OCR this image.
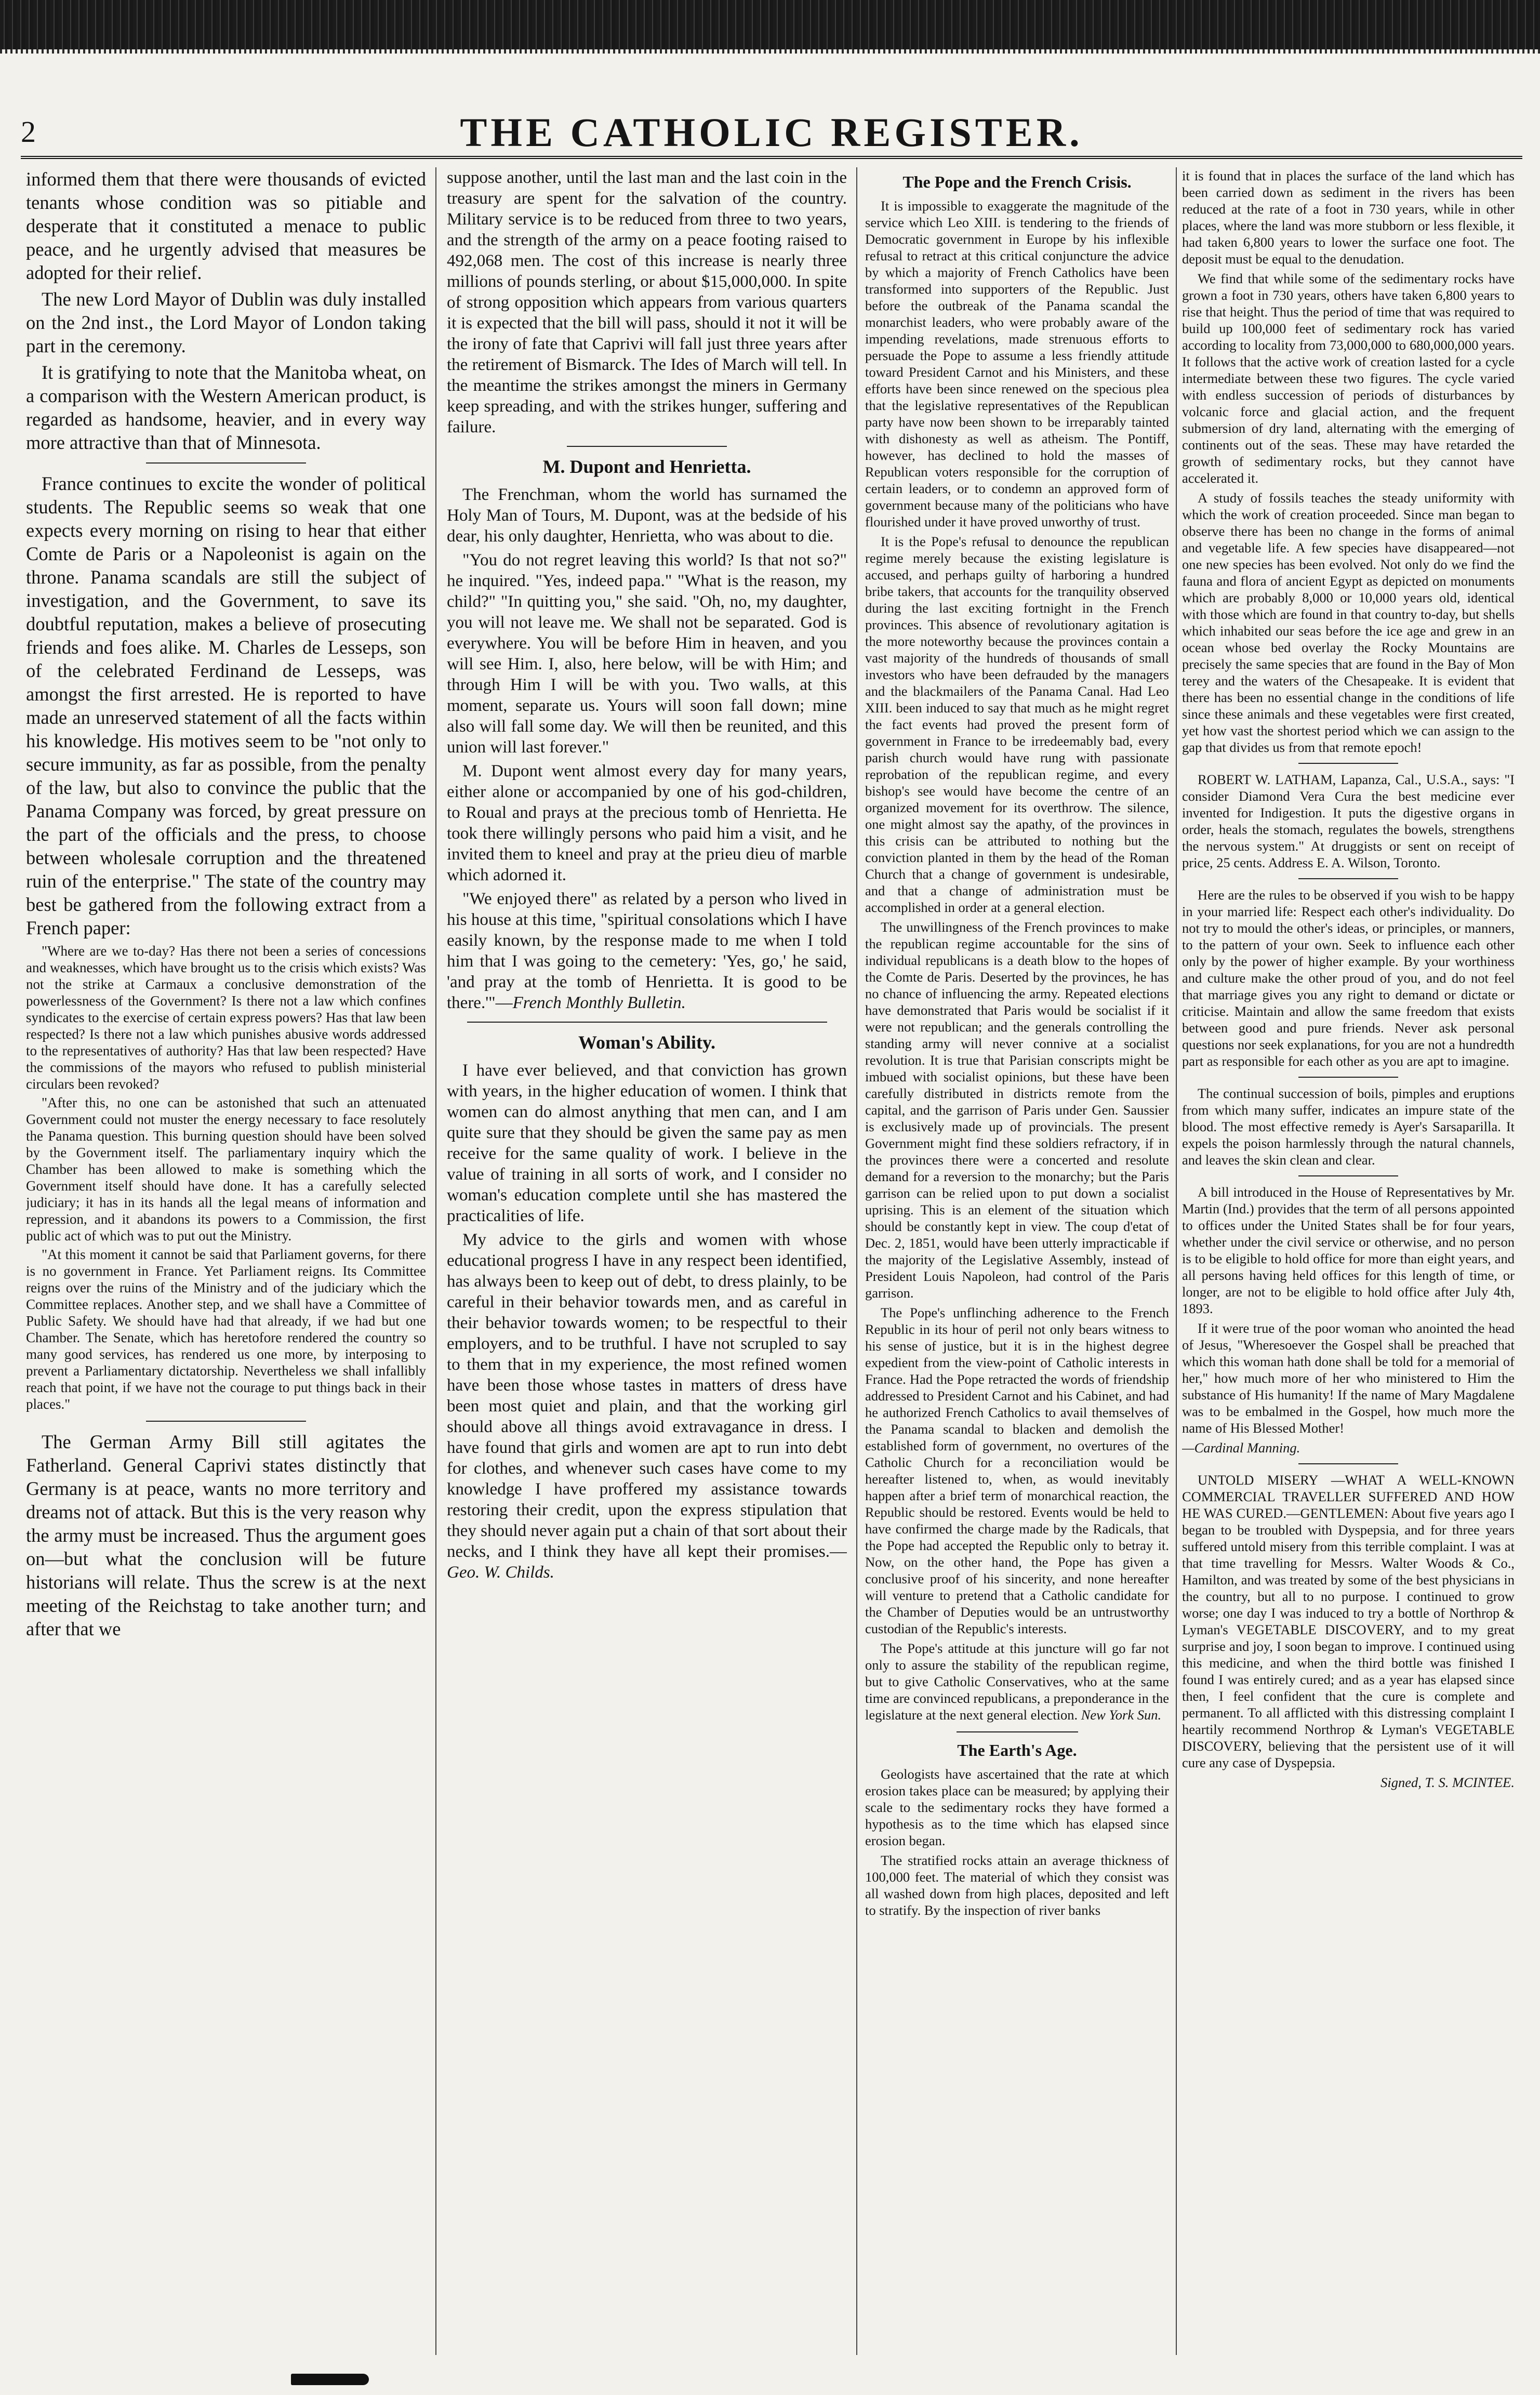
2	THE CATHOLIC REGISTER.

informed them that there were thousands of evicted tenants whose condition was so pitiable and desperate that it constituted a menace to public peace, and he urgently advised that measures be adopted for their relief.

The new Lord Mayor of Dublin was duly installed on the 2nd inst., the Lord Mayor of London taking part in the ceremony.

It is gratifying to note that the Manitoba wheat, on a comparison with the Western American product, is regarded as handsome, heavier, and in every way more attractive than that of Minnesota.

France continues to excite the wonder of political students. The Republic seems so weak that one expects every morning on rising to hear that either Comte de Paris or a Napoleonist is again on the throne. Panama scandals are still the subject of investigation, and the Government, to save its doubtful reputation, makes a believe of prosecuting friends and foes alike. M. Charles de Lesseps, son of the celebrated Ferdinand de Lesseps, was amongst the first arrested. He is reported to have made an unreserved statement of all the facts within his knowledge. His motives seem to be "not only to secure immunity, as far as possible, from the penalty of the law, but also to convince the public that the Panama Company was forced, by great pressure on the part of the officials and the press, to choose between wholesale corruption and the threatened ruin of the enterprise." The state of the country may best be gathered from the following extract from a French paper:

"Where are we to-day? Has there not been a series of concessions and weaknesses, which have brought us to the crisis which exists? Was not the strike at Carmaux a conclusive demonstration of the powerlessness of the Government? Is there not a law which confines syndicates to the exercise of certain express powers? Has that law been respected? Is there not a law which punishes abusive words addressed to the representatives of authority? Has that law been respected? Have the commissions of the mayors who refused to publish ministerial circulars been revoked?

"After this, no one can be astonished that such an attenuated Government could not muster the energy necessary to face resolutely the Panama question. This burning question should have been solved by the Government itself. The parliamentary inquiry which the Chamber has been allowed to make is something which the Government itself should have done. It has a carefully selected judiciary; it has in its hands all the legal means of information and repression, and it abandons its powers to a Commission, the first public act of which was to put out the Ministry.

"At this moment it cannot be said that Parliament governs, for there is no government in France. Yet Parliament reigns. Its Committee reigns over the ruins of the Ministry and of the judiciary which the Committee replaces. Another step, and we shall have a Committee of Public Safety. We should have had that already, if we had but one Chamber. The Senate, which has heretofore rendered the country so many good services, has rendered us one more, by interposing to prevent a Parliamentary dictatorship. Nevertheless we shall infallibly reach that point, if we have not the courage to put things back in their places."

The German Army Bill still agitates the Fatherland. General Caprivi states distinctly that Germany is at peace, wants no more territory and dreams not of attack. But this is the very reason why the army must be increased. Thus the argument goes on—but what the conclusion will be future historians will relate. Thus the screw is at the next meeting of the Reichstag to take another turn; and after that we

suppose another, until the last man and the last coin in the treasury are spent for the salvation of the country. Military service is to be reduced from three to two years, and the strength of the army on a peace footing raised to 492,068 men. The cost of this increase is nearly three millions of pounds sterling, or about $15,000,000. In spite of strong opposition which appears from various quarters it is expected that the bill will pass, should it not it will be the irony of fate that Caprivi will fall just three years after the retirement of Bismarck. The Ides of March will tell. In the meantime the strikes amongst the miners in Germany keep spreading, and with the strikes hunger, suffering and failure.

M. Dupont and Henrietta.

The Frenchman, whom the world has surnamed the Holy Man of Tours, M. Dupont, was at the bedside of his dear, his only daughter, Henrietta, who was about to die.

"You do not regret leaving this world? Is that not so?" he inquired. "Yes, indeed papa." "What is the reason, my child?" "In quitting you," she said. "Oh, no, my daughter, you will not leave me. We shall not be separated. God is everywhere. You will be before Him in heaven, and you will see Him. I, also, here below, will be with Him; and through Him I will be with you. Two walls, at this moment, separate us. Yours will soon fall down; mine also will fall some day. We will then be reunited, and this union will last forever."

M. Dupont went almost every day for many years, either alone or accompanied by one of his god-children, to Roual and prays at the precious tomb of Henrietta. He took there willingly persons who paid him a visit, and he invited them to kneel and pray at the prieu dieu of marble which adorned it.

"We enjoyed there" as related by a person who lived in his house at this time, "spiritual consolations which I have easily known, by the response made to me when I told him that I was going to the cemetery: 'Yes, go,' he said, 'and pray at the tomb of Henrietta. It is good to be there.'"—French Monthly Bulletin.

Woman's Ability.

I have ever believed, and that conviction has grown with years, in the higher education of women. I think that women can do almost anything that men can, and I am quite sure that they should be given the same pay as men receive for the same quality of work. I believe in the value of training in all sorts of work, and I consider no woman's education complete until she has mastered the practicalities of life.

My advice to the girls and women with whose educational progress I have in any respect been identified, has always been to keep out of debt, to dress plainly, to be careful in their behavior towards men, and as careful in their behavior towards women; to be respectful to their employers, and to be truthful. I have not scrupled to say to them that in my experience, the most refined women have been those whose tastes in matters of dress have been most quiet and plain, and that the working girl should above all things avoid extravagance in dress. I have found that girls and women are apt to run into debt for clothes, and whenever such cases have come to my knowledge I have proffered my assistance towards restoring their credit, upon the express stipulation that they should never again put a chain of that sort about their necks, and I think they have all kept their promises.—Geo. W. Childs.

The Pope and the French Crisis.

It is impossible to exaggerate the magnitude of the service which Leo XIII. is tendering to the friends of Democratic government in Europe by his inflexible refusal to retract at this critical conjuncture the advice by which a majority of French Catholics have been transformed into supporters of the Republic. Just before the outbreak of the Panama scandal the monarchist leaders, who were probably aware of the impending revelations, made strenuous efforts to persuade the Pope to assume a less friendly attitude toward President Carnot and his Ministers, and these efforts have been since renewed on the specious plea that the legislative representatives of the Republican party have now been shown to be irreparably tainted with dishonesty as well as atheism. The Pontiff, however, has declined to hold the masses of Republican voters responsible for the corruption of certain leaders, or to condemn an approved form of government because many of the politicians who have flourished under it have proved unworthy of trust.

It is the Pope's refusal to denounce the republican regime merely because the existing legislature is accused, and perhaps guilty of harboring a hundred bribe takers, that accounts for the tranquility observed during the last exciting fortnight in the French provinces. This absence of revolutionary agitation is the more noteworthy because the provinces contain a vast majority of the hundreds of thousands of small investors who have been defrauded by the managers and the blackmailers of the Panama Canal. Had Leo XIII. been induced to say that much as he might regret the fact events had proved the present form of government in France to be irredeemably bad, every parish church would have rung with passionate reprobation of the republican regime, and every bishop's see would have become the centre of an organized movement for its overthrow. The silence, one might almost say the apathy, of the provinces in this crisis can be attributed to nothing but the conviction planted in them by the head of the Roman Church that a change of government is undesirable, and that a change of administration must be accomplished in order at a general election.

The unwillingness of the French provinces to make the republican regime accountable for the sins of individual republicans is a death blow to the hopes of the Comte de Paris. Deserted by the provinces, he has no chance of influencing the army. Repeated elections have demonstrated that Paris would be socialist if it were not republican; and the generals controlling the standing army will never connive at a socialist revolution. It is true that Parisian conscripts might be imbued with socialist opinions, but these have been carefully distributed in districts remote from the capital, and the garrison of Paris under Gen. Saussier is exclusively made up of provincials. The present Government might find these soldiers refractory, if in the provinces there were a concerted and resolute demand for a reversion to the monarchy; but the Paris garrison can be relied upon to put down a socialist uprising. This is an element of the situation which should be constantly kept in view. The coup d'etat of Dec. 2, 1851, would have been utterly impracticable if the majority of the Legislative Assembly, instead of President Louis Napoleon, had control of the Paris garrison.

The Pope's unflinching adherence to the French Republic in its hour of peril not only bears witness to his sense of justice, but it is in the highest degree expedient from the view-point of Catholic interests in France. Had the Pope retracted the words of friendship addressed to President Carnot and his Cabinet, and had he authorized French Catholics to avail themselves of the Panama scandal to blacken and demolish the established form of government, no overtures of the Catholic Church for a reconciliation would be hereafter listened to, when, as would inevitably happen after a brief term of monarchical reaction, the Republic should be restored. Events would be held to have confirmed the charge made by the Radicals, that the Pope had accepted the Republic only to betray it. Now, on the other hand, the Pope has given a conclusive proof of his sincerity, and none hereafter will venture to pretend that a Catholic candidate for the Chamber of Deputies would be an untrustworthy custodian of the Republic's interests.

The Pope's attitude at this juncture will go far not only to assure the stability of the republican regime, but to give Catholic Conservatives, who at the same time are convinced republicans, a preponderance in the legislature at the next general election. New York Sun.

The Earth's Age.

Geologists have ascertained that the rate at which erosion takes place can be measured; by applying their scale to the sedimentary rocks they have formed a hypothesis as to the time which has elapsed since erosion began.

The stratified rocks attain an average thickness of 100,000 feet. The material of which they consist was all washed down from high places, deposited and left to stratify. By the inspection of river banks

it is found that in places the surface of the land which has been carried down as sediment in the rivers has been reduced at the rate of a foot in 730 years, while in other places, where the land was more stubborn or less flexible, it had taken 6,800 years to lower the surface one foot. The deposit must be equal to the denudation.

We find that while some of the sedimentary rocks have grown a foot in 730 years, others have taken 6,800 years to rise that height. Thus the period of time that was required to build up 100,000 feet of sedimentary rock has varied according to locality from 73,000,000 to 680,000,000 years. It follows that the active work of creation lasted for a cycle intermediate between these two figures. The cycle varied with endless succession of periods of disturbances by volcanic force and glacial action, and the frequent submersion of dry land, alternating with the emerging of continents out of the seas. These may have retarded the growth of sedimentary rocks, but they cannot have accelerated it.

A study of fossils teaches the steady uniformity with which the work of creation proceeded. Since man began to observe there has been no change in the forms of animal and vegetable life. A few species have disappeared—not one new species has been evolved. Not only do we find the fauna and flora of ancient Egypt as depicted on monuments which are probably 8,000 or 10,000 years old, identical with those which are found in that country to-day, but shells which inhabited our seas before the ice age and grew in an ocean whose bed overlay the Rocky Mountains are precisely the same species that are found in the Bay of Mon terey and the waters of the Chesapeake. It is evident that there has been no essential change in the conditions of life since these animals and these vegetables were first created, yet how vast the shortest period which we can assign to the gap that divides us from that remote epoch!

ROBERT W. LATHAM, Lapanza, Cal., U.S.A., says: "I consider Diamond Vera Cura the best medicine ever invented for Indigestion. It puts the digestive organs in order, heals the stomach, regulates the bowels, strengthens the nervous system." At druggists or sent on receipt of price, 25 cents. Address E. A. Wilson, Toronto.

Here are the rules to be observed if you wish to be happy in your married life: Respect each other's individuality. Do not try to mould the other's ideas, or principles, or manners, to the pattern of your own. Seek to influence each other only by the power of higher example. By your worthiness and culture make the other proud of you, and do not feel that marriage gives you any right to demand or dictate or criticise. Maintain and allow the same freedom that exists between good and pure friends. Never ask personal questions nor seek explanations, for you are not a hundredth part as responsible for each other as you are apt to imagine.

The continual succession of boils, pimples and eruptions from which many suffer, indicates an impure state of the blood. The most effective remedy is Ayer's Sarsaparilla. It expels the poison harmlessly through the natural channels, and leaves the skin clean and clear.

A bill introduced in the House of Representatives by Mr. Martin (Ind.) provides that the term of all persons appointed to offices under the United States shall be for four years, whether under the civil service or otherwise, and no person is to be eligible to hold office for more than eight years, and all persons having held offices for this length of time, or longer, are not to be eligible to hold office after July 4th, 1893.

If it were true of the poor woman who anointed the head of Jesus, "Wheresoever the Gospel shall be preached that which this woman hath done shall be told for a memorial of her," how much more of her who ministered to Him the substance of His humanity! If the name of Mary Magdalene was to be embalmed in the Gospel, how much more the name of His Blessed Mother!

—Cardinal Manning.

UNTOLD MISERY —WHAT A WELL-KNOWN COMMERCIAL TRAVELLER SUFFERED AND HOW HE WAS CURED.—GENTLEMEN: About five years ago I began to be troubled with Dyspepsia, and for three years suffered untold misery from this terrible complaint. I was at that time travelling for Messrs. Walter Woods & Co., Hamilton, and was treated by some of the best physicians in the country, but all to no purpose. I continued to grow worse; one day I was induced to try a bottle of Northrop & Lyman's VEGETABLE DISCOVERY, and to my great surprise and joy, I soon began to improve. I continued using this medicine, and when the third bottle was finished I found I was entirely cured; and as a year has elapsed since then, I feel confident that the cure is complete and permanent. To all afflicted with this distressing complaint I heartily recommend Northrop & Lyman's VEGETABLE DISCOVERY, believing that the persistent use of it will cure any case of Dyspepsia.

Signed, T. S. MCINTEE.
